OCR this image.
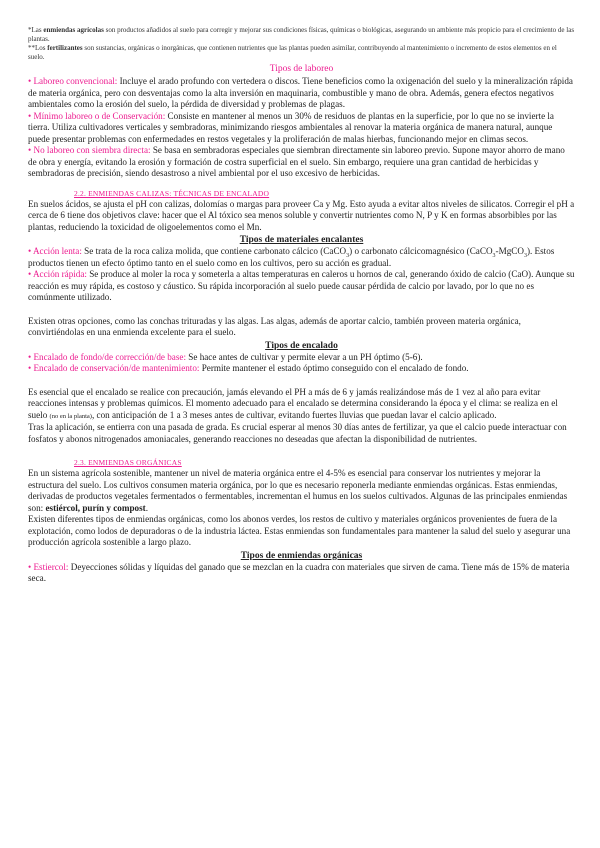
*Las enmiendas agrícolas son productos añadidos al suelo para corregir y mejorar sus condiciones físicas, químicas o biológicas, asegurando un ambiente más propicio para el crecimiento de las plantas.
**Los fertilizantes son sustancias, orgánicas o inorgánicas, que contienen nutrientes que las plantas pueden asimilar, contribuyendo al mantenimiento o incremento de estos elementos en el suelo.
Tipos de laboreo

• Laboreo convencional: Incluye el arado profundo con vertedera o discos. Tiene beneficios como la oxigenación del suelo y la mineralización rápida de materia orgánica, pero con desventajas como la alta inversión en maquinaria, combustible y mano de obra. Además, genera efectos negativos ambientales como la erosión del suelo, la pérdida de diversidad y problemas de plagas.

• Mínimo laboreo o de Conservación: Consiste en mantener al menos un 30% de residuos de plantas en la superficie, por lo que no se invierte la tierra. Utiliza cultivadores verticales y sembradoras, minimizando riesgos ambientales al renovar la materia orgánica de manera natural, aunque puede presentar problemas con enfermedades en restos vegetales y la proliferación de malas hierbas, funcionando mejor en climas secos.

• No laboreo con siembra directa: Se basa en sembradoras especiales que siembran directamente sin laboreo previo. Supone mayor ahorro de mano de obra y energía, evitando la erosión y formación de costra superficial en el suelo. Sin embargo, requiere una gran cantidad de herbicidas y sembradoras de precisión, siendo desastroso a nivel ambiental por el uso excesivo de herbicidas.

2.2. ENMIENDAS CALIZAS: TÉCNICAS DE ENCALADO

En suelos ácidos, se ajusta el pH con calizas, dolomías o margas para proveer Ca y Mg. Esto ayuda a evitar altos niveles de silicatos. Corregir el pH a cerca de 6 tiene dos objetivos clave: hacer que el Al tóxico sea menos soluble y convertir nutrientes como N, P y K en formas absorbibles por las plantas, reduciendo la toxicidad de oligoelementos como el Mn.

Tipos de materiales encalantes

• Acción lenta: Se trata de la roca caliza molida, que contiene carbonato cálcico (CaCO$_3$) o carbonato cálcicomagnésico (CaCO$_3$-MgCO$_3$). Estos productos tienen un efecto óptimo tanto en el suelo como en los cultivos, pero su acción es gradual.

• Acción rápida: Se produce al moler la roca y someterla a altas temperaturas en caleros u hornos de cal, generando óxido de calcio (CaO). Aunque su reacción es muy rápida, es costoso y cáustico. Su rápida incorporación al suelo puede causar pérdida de calcio por lavado, por lo que no es comúnmente utilizado.

Existen otras opciones, como las conchas trituradas y las algas. Las algas, además de aportar calcio, también proveen materia orgánica, convirtiéndolas en una enmienda excelente para el suelo.

Tipos de encalado

• Encalado de fondo/de corrección/de base: Se hace antes de cultivar y permite elevar a un PH óptimo (5-6).

• Encalado de conservación/de mantenimiento: Permite mantener el estado óptimo conseguido con el encalado de fondo.

Es esencial que el encalado se realice con precaución, jamás elevando el PH a más de 6 y jamás realizándose más de 1 vez al año para evitar reacciones intensas y problemas químicos. El momento adecuado para el encalado se determina considerando la época y el clima: se realiza en el suelo (no en la planta), con anticipación de 1 a 3 meses antes de cultivar, evitando fuertes lluvias que puedan lavar el calcio aplicado.

Tras la aplicación, se entierra con una pasada de grada. Es crucial esperar al menos 30 días antes de fertilizar, ya que el calcio puede interactuar con fosfatos y abonos nitrogenados amoniacales, generando reacciones no deseadas que afectan la disponibilidad de nutrientes.

2.3. ENMIENDAS ORGÁNICAS

En un sistema agrícola sostenible, mantener un nivel de materia orgánica entre el 4-5% es esencial para conservar los nutrientes y mejorar la estructura del suelo. Los cultivos consumen materia orgánica, por lo que es necesario reponerla mediante enmiendas orgánicas. Estas enmiendas, derivadas de productos vegetales fermentados o fermentables, incrementan el humus en los suelos cultivados. Algunas de las principales enmiendas son: estiércol, purín y compost.

Existen diferentes tipos de enmiendas orgánicas, como los abonos verdes, los restos de cultivo y materiales orgánicos provenientes de fuera de la explotación, como lodos de depuradoras o de la industria láctea. Estas enmiendas son fundamentales para mantener la salud del suelo y asegurar una producción agrícola sostenible a largo plazo.

Tipos de enmiendas orgánicas

• Estiercol: Deyecciones sólidas y líquidas del ganado que se mezclan en la cuadra con materiales que sirven de cama. Tiene más de 15% de materia seca.
